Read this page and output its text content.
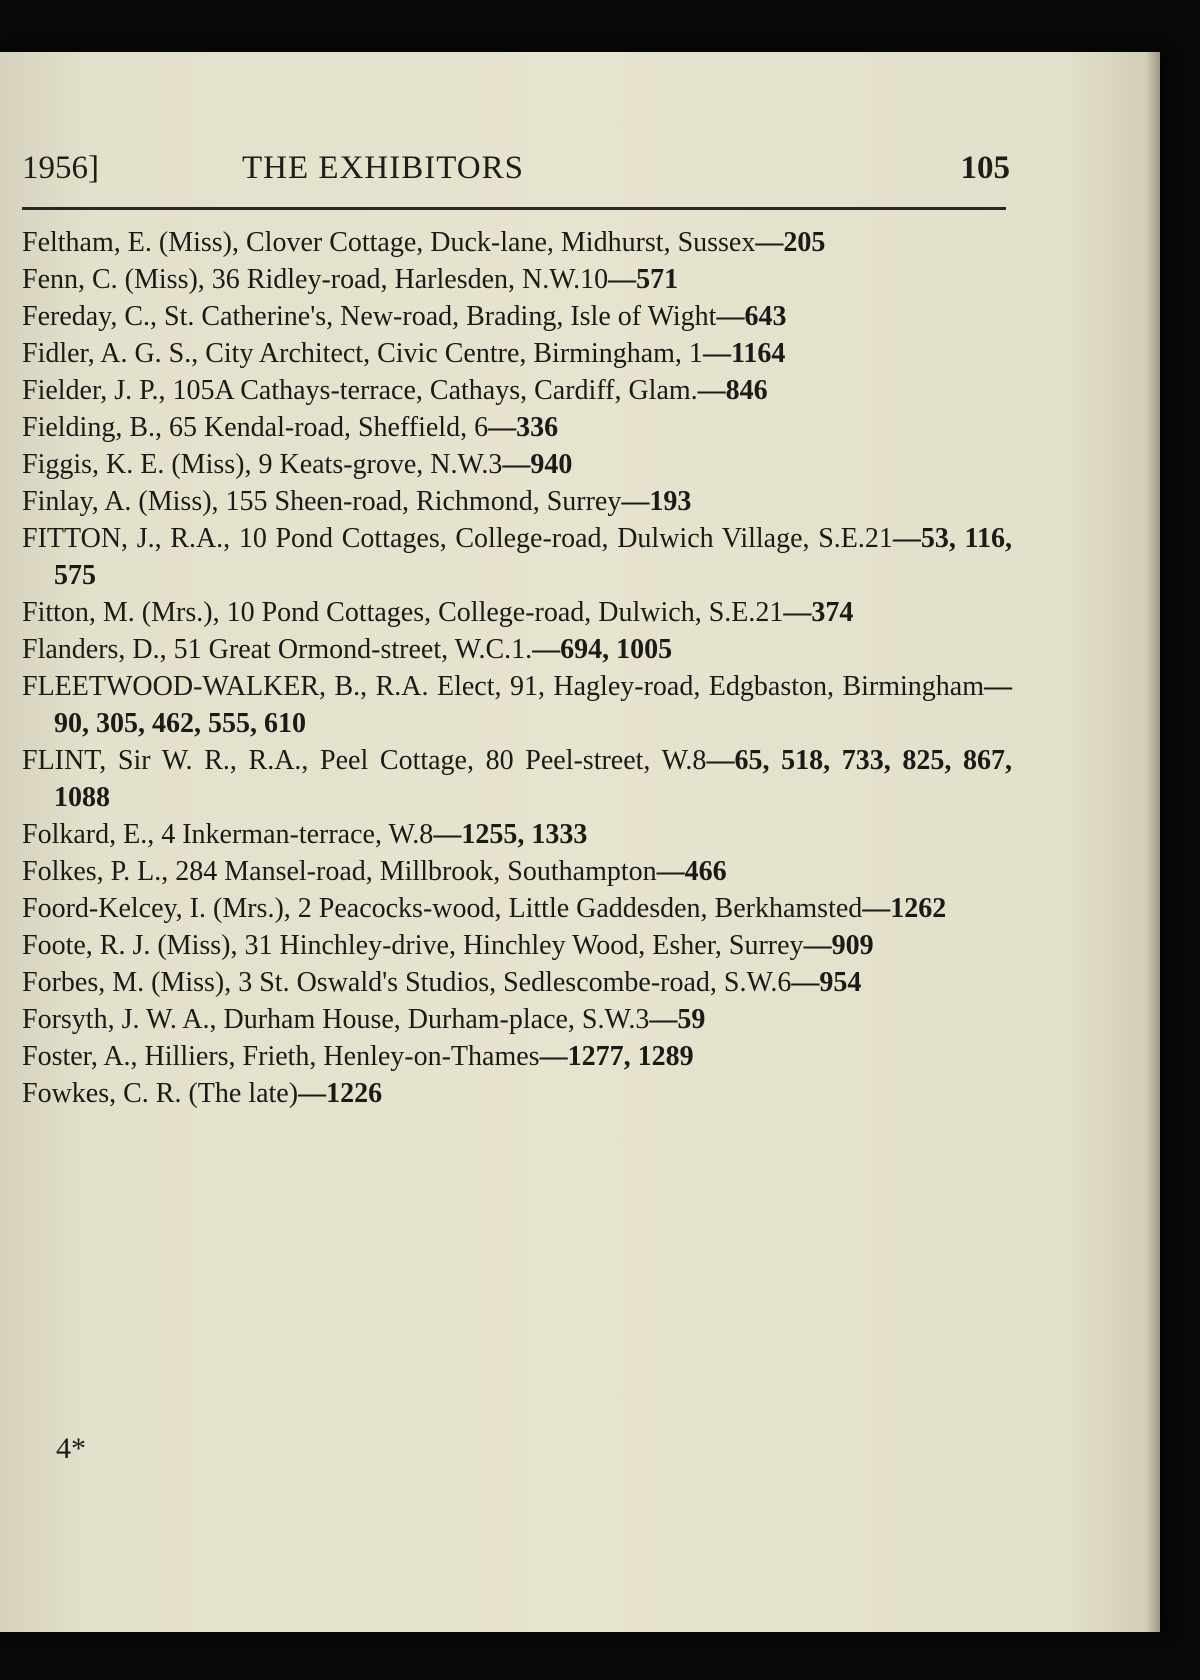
1956]	THE EXHIBITORS	105
Feltham, E. (Miss), Clover Cottage, Duck-lane, Midhurst, Sussex—205
Fenn, C. (Miss), 36 Ridley-road, Harlesden, N.W.10—571
Fereday, C., St. Catherine's, New-road, Brading, Isle of Wight—643
Fidler, A. G. S., City Architect, Civic Centre, Birmingham, 1—1164
Fielder, J. P., 105A Cathays-terrace, Cathays, Cardiff, Glam.—846
Fielding, B., 65 Kendal-road, Sheffield, 6—336
Figgis, K. E. (Miss), 9 Keats-grove, N.W.3—940
Finlay, A. (Miss), 155 Sheen-road, Richmond, Surrey—193
FITTON, J., R.A., 10 Pond Cottages, College-road, Dulwich Village, S.E.21—53, 116, 575
Fitton, M. (Mrs.), 10 Pond Cottages, College-road, Dulwich, S.E.21—374
Flanders, D., 51 Great Ormond-street, W.C.1.—694, 1005
FLEETWOOD-WALKER, B., R.A. Elect, 91, Hagley-road, Edgbaston, Birmingham—90, 305, 462, 555, 610
FLINT, Sir W. R., R.A., Peel Cottage, 80 Peel-street, W.8—65, 518, 733, 825, 867, 1088
Folkard, E., 4 Inkerman-terrace, W.8—1255, 1333
Folkes, P. L., 284 Mansel-road, Millbrook, Southampton—466
Foord-Kelcey, I. (Mrs.), 2 Peacocks-wood, Little Gaddesden, Berkhamsted—1262
Foote, R. J. (Miss), 31 Hinchley-drive, Hinchley Wood, Esher, Surrey—909
Forbes, M. (Miss), 3 St. Oswald's Studios, Sedlescombe-road, S.W.6—954
Forsyth, J. W. A., Durham House, Durham-place, S.W.3—59
Foster, A., Hilliers, Frieth, Henley-on-Thames—1277, 1289
Fowkes, C. R. (The late)—1226
4*
